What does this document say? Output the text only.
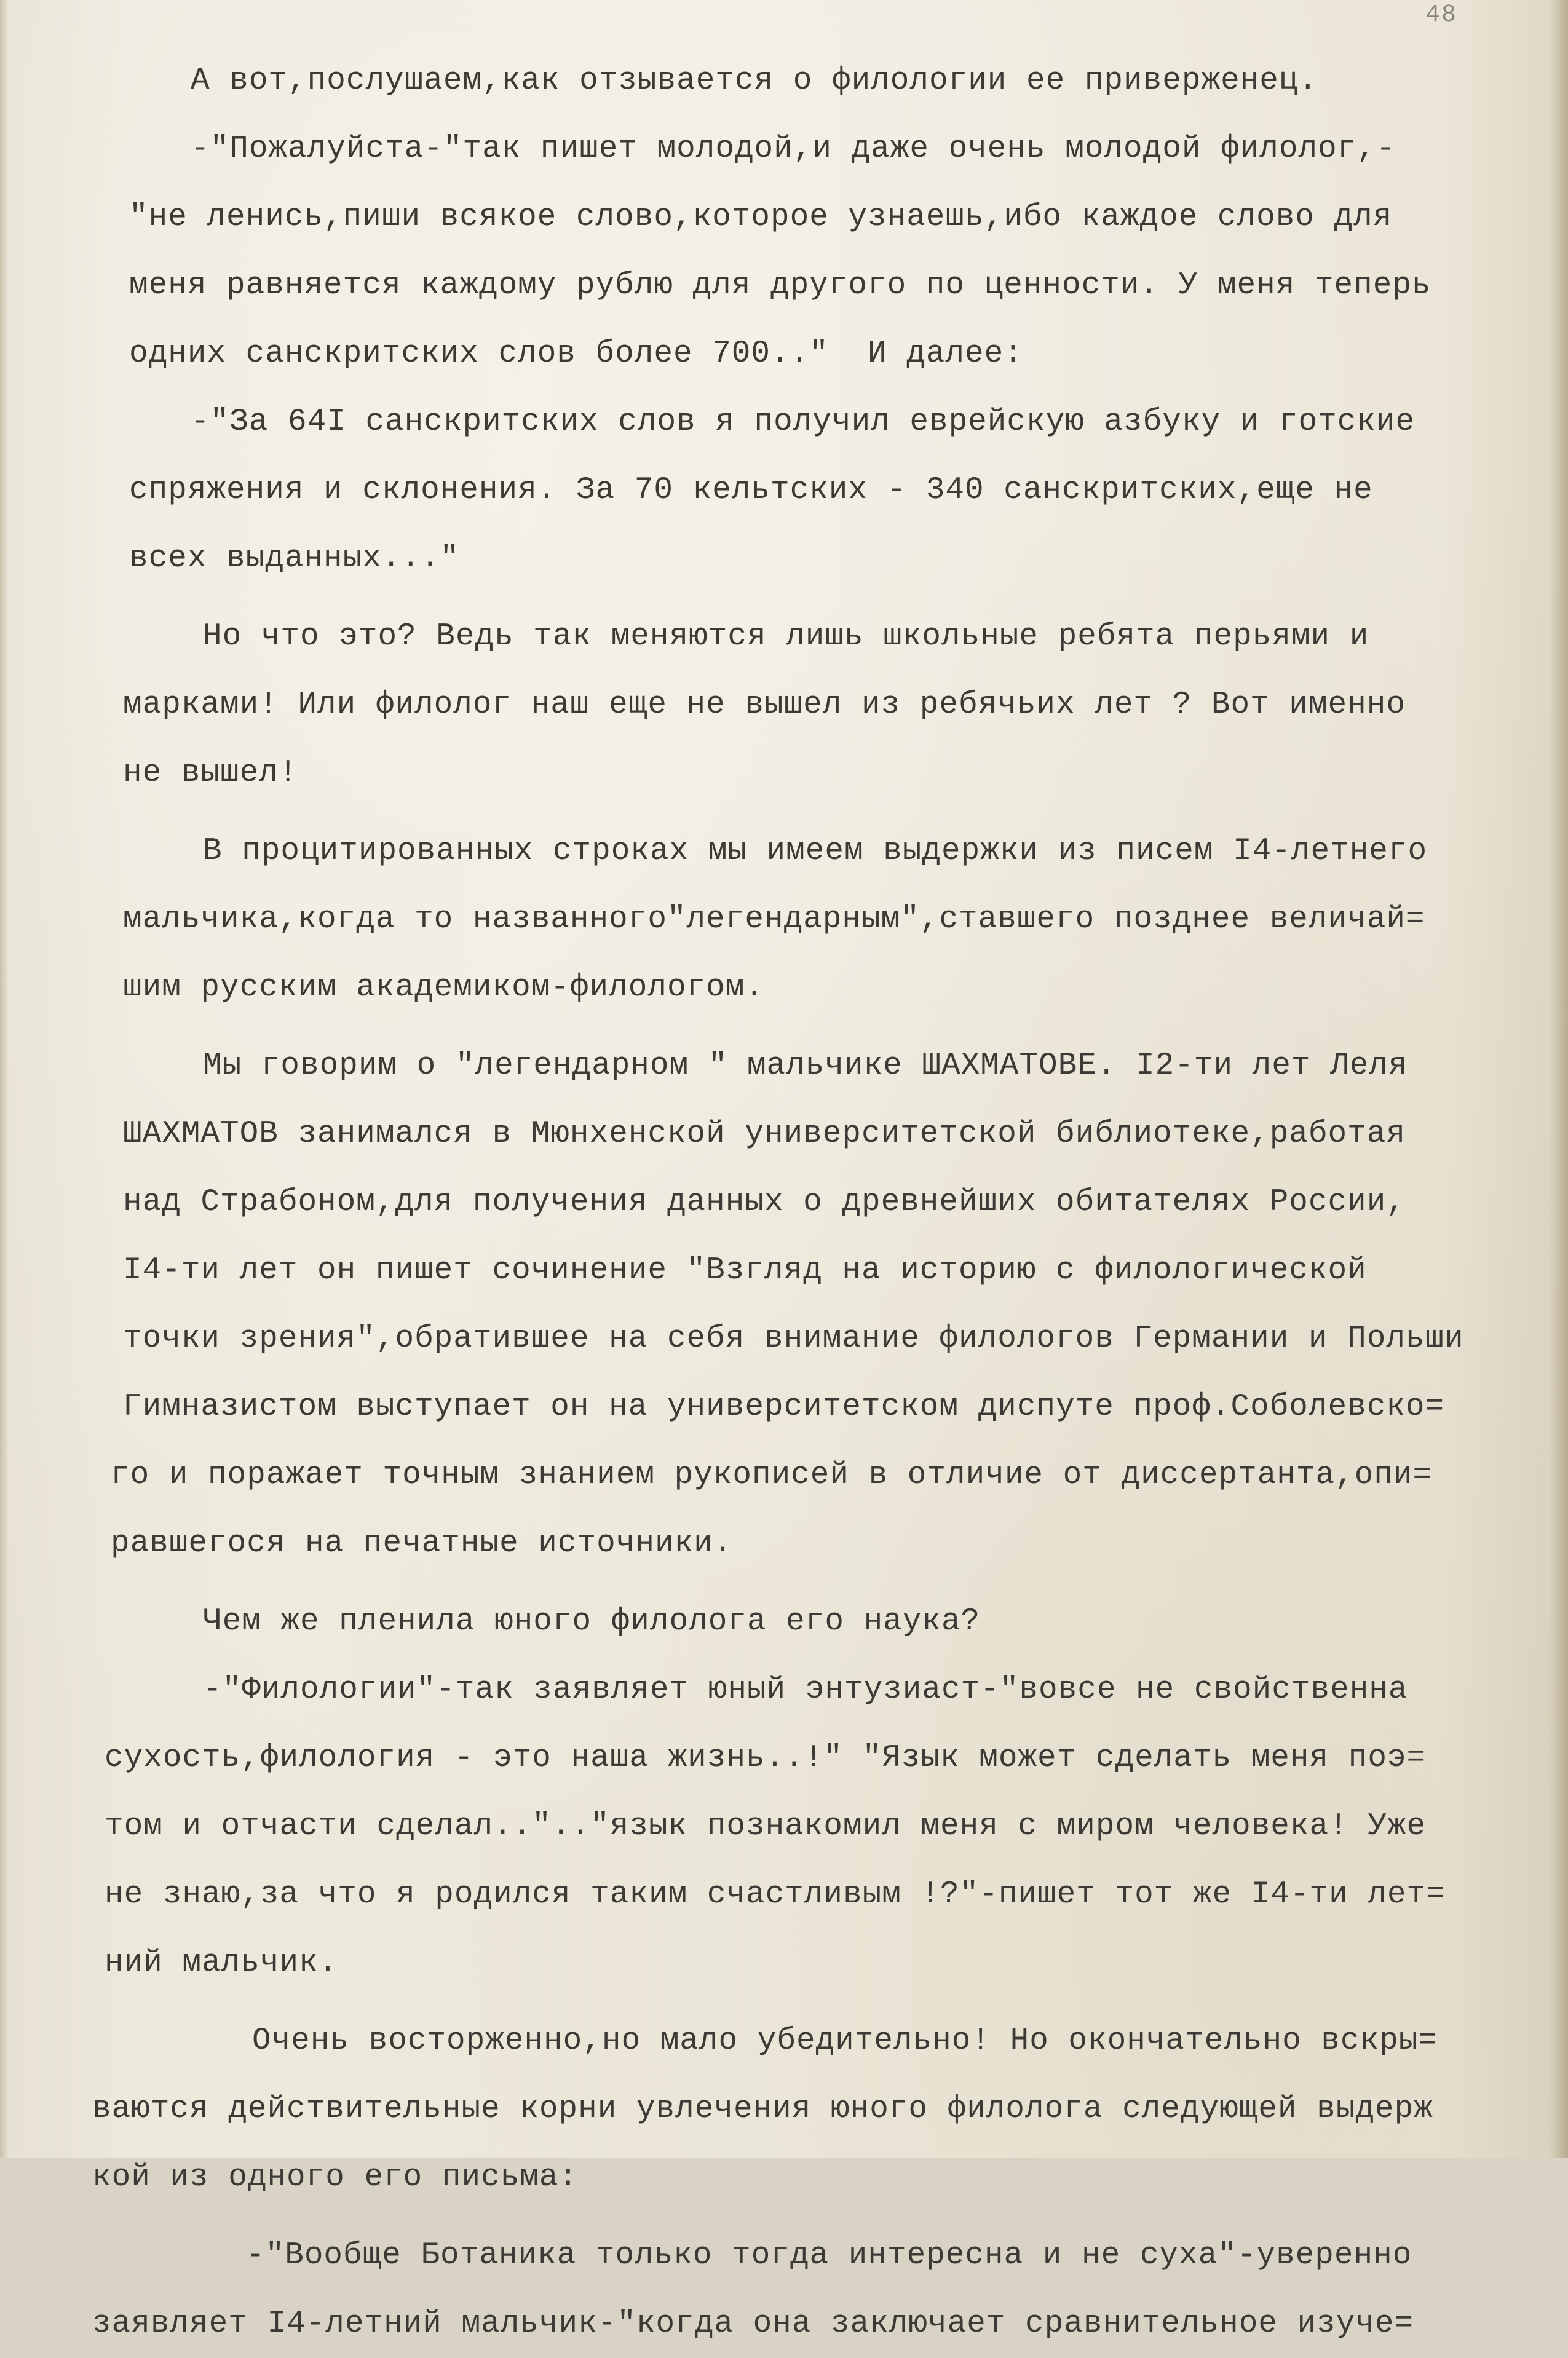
48
А вот,послушаем,как отзывается о филологии ее приверженец.
-"Пожалуйста-"так пишет молодой,и даже очень молодой филолог,-
"не ленись,пиши всякое слово,которое узнаешь,ибо каждое слово для
меня равняется каждому рублю для другого по ценности. У меня теперь
одних санскритских слов более 700.."  И далее:
-"За 64I санскритских слов я получил еврейскую азбуку и готские
спряжения и склонения. За 70 кельтских - 340 санскритских,еще не
всех выданных..."
Но что это? Ведь так меняются лишь школьные ребята перьями и
марками! Или филолог наш еще не вышел из ребячьих лет ? Вот именно
не вышел!
В процитированных строках мы имеем выдержки из писем I4-летнего
мальчика,когда то названного"легендарным",ставшего позднее величай=
шим русским академиком-филологом.
Мы говорим о "легендарном " мальчике ШАХМАТОВЕ. I2-ти лет Леля
ШАХМАТОВ занимался в Мюнхенской университетской библиотеке,работая
над Страбоном,для получения данных о древнейших обитателях России,
I4-ти лет он пишет сочинение "Взгляд на историю с филологической
точки зрения",обратившее на себя внимание филологов Германии и Польши
Гимназистом выступает он на университетском диспуте проф.Соболевско=
го и поражает точным знанием рукописей в отличие от диссертанта,опи=
равшегося на печатные источники.
Чем же пленила юного филолога его наука?
-"Филологии"-так заявляет юный энтузиаст-"вовсе не свойственна
сухость,филология - это наша жизнь..!" "Язык может сделать меня поэ=
том и отчасти сделал..".."язык познакомил меня с миром человека! Уже
не знаю,за что я родился таким счастливым !?"-пишет тот же I4-ти лет=
ний мальчик.
Очень восторженно,но мало убедительно! Но окончательно вскры=
ваются действительные корни увлечения юного филолога следующей выдерж
кой из одного его письма:
-"Вообще Ботаника только тогда интересна и не суха"-уверенно
заявляет I4-летний мальчик-"когда она заключает сравнительное изуче=
